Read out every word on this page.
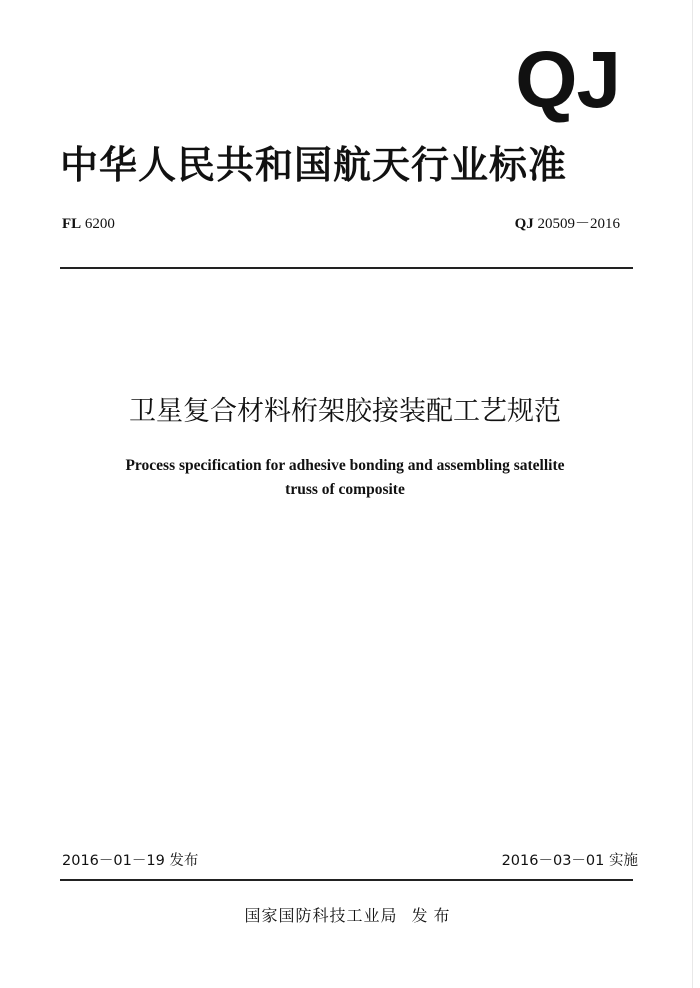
QJ
中华人民共和国航天行业标准
FL 6200	QJ 20509－2016
卫星复合材料桁架胶接装配工艺规范
Process specification for adhesive bonding and assembling satellite
truss of composite
2016－01－19 发布	2016－03－01 实施
国家国防科技工业局 发布
